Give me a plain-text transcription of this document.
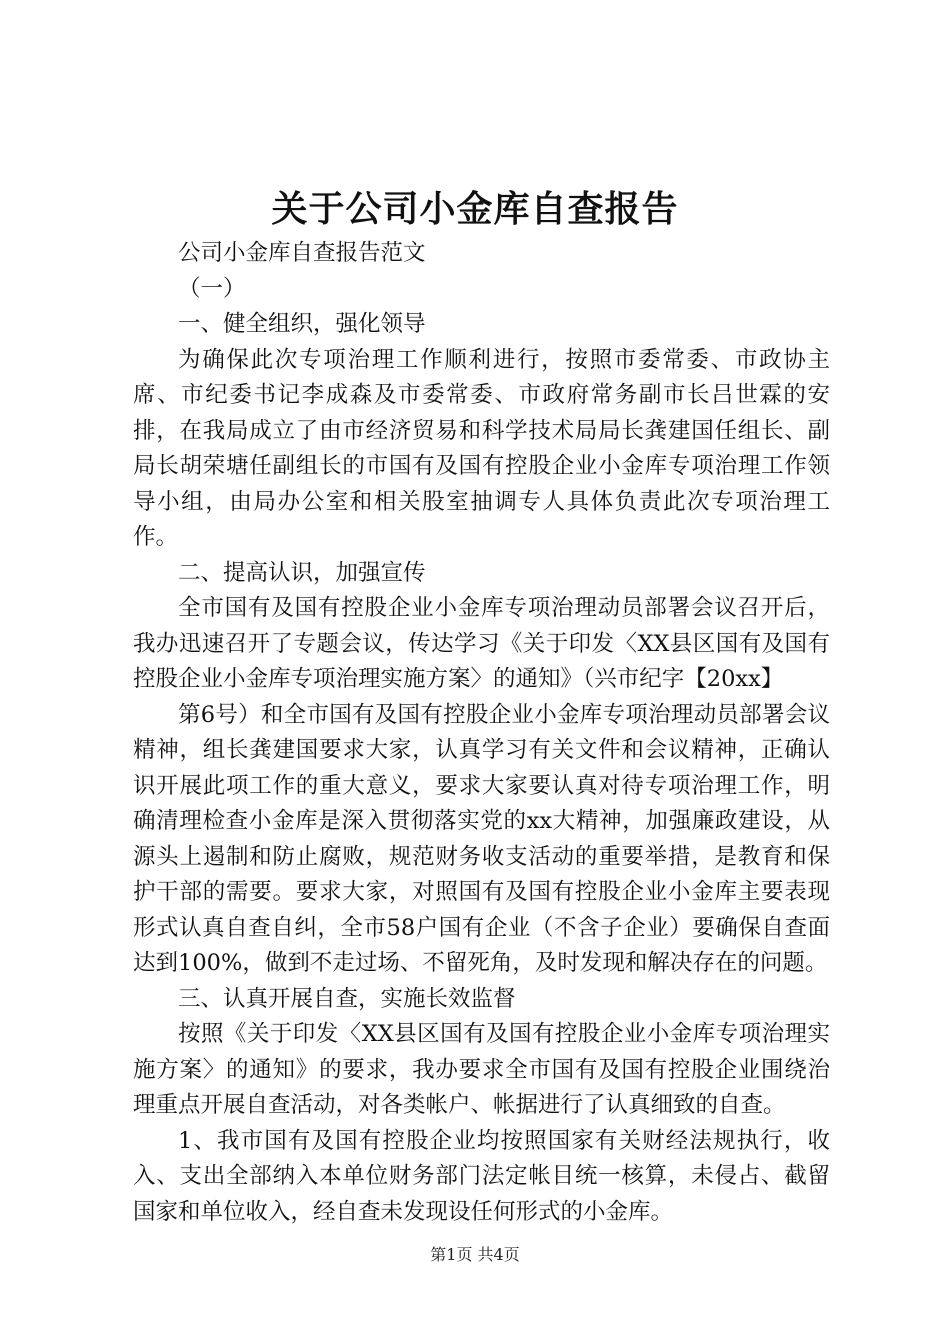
关于公司小金库自查报告

公司小金库自查报告范文

（一）

一、健全组织，强化领导

为确保此次专项治理工作顺利进行，按照市委常委、市政协主席、市纪委书记李成森及市委常委、市政府常务副市长吕世霖的安排，在我局成立了由市经济贸易和科学技术局局长龚建国任组长、副局长胡荣塘任副组长的市国有及国有控股企业小金库专项治理工作领导小组，由局办公室和相关股室抽调专人具体负责此次专项治理工作。

二、提高认识，加强宣传

全市国有及国有控股企业小金库专项治理动员部署会议召开后，我办迅速召开了专题会议，传达学习《关于印发〈XX县区国有及国有控股企业小金库专项治理实施方案〉的通知》（兴市纪字【20xx】

第6号）和全市国有及国有控股企业小金库专项治理动员部署会议精神，组长龚建国要求大家，认真学习有关文件和会议精神，正确认识开展此项工作的重大意义，要求大家要认真对待专项治理工作，明确清理检查小金库是深入贯彻落实党的xx大精神，加强廉政建设，从源头上遏制和防止腐败，规范财务收支活动的重要举措，是教育和保护干部的需要。要求大家，对照国有及国有控股企业小金库主要表现形式认真自查自纠，全市58户国有企业（不含子企业）要确保自查面达到100%，做到不走过场、不留死角，及时发现和解决存在的问题。

三、认真开展自查，实施长效监督

按照《关于印发〈XX县区国有及国有控股企业小金库专项治理实施方案〉的通知》的要求，我办要求全市国有及国有控股企业围绕治理重点开展自查活动，对各类帐户、帐据进行了认真细致的自查。

1、我市国有及国有控股企业均按照国家有关财经法规执行，收入、支出全部纳入本单位财务部门法定帐目统一核算，未侵占、截留国家和单位收入，经自查未发现设任何形式的小金库。

第1页 共4页
